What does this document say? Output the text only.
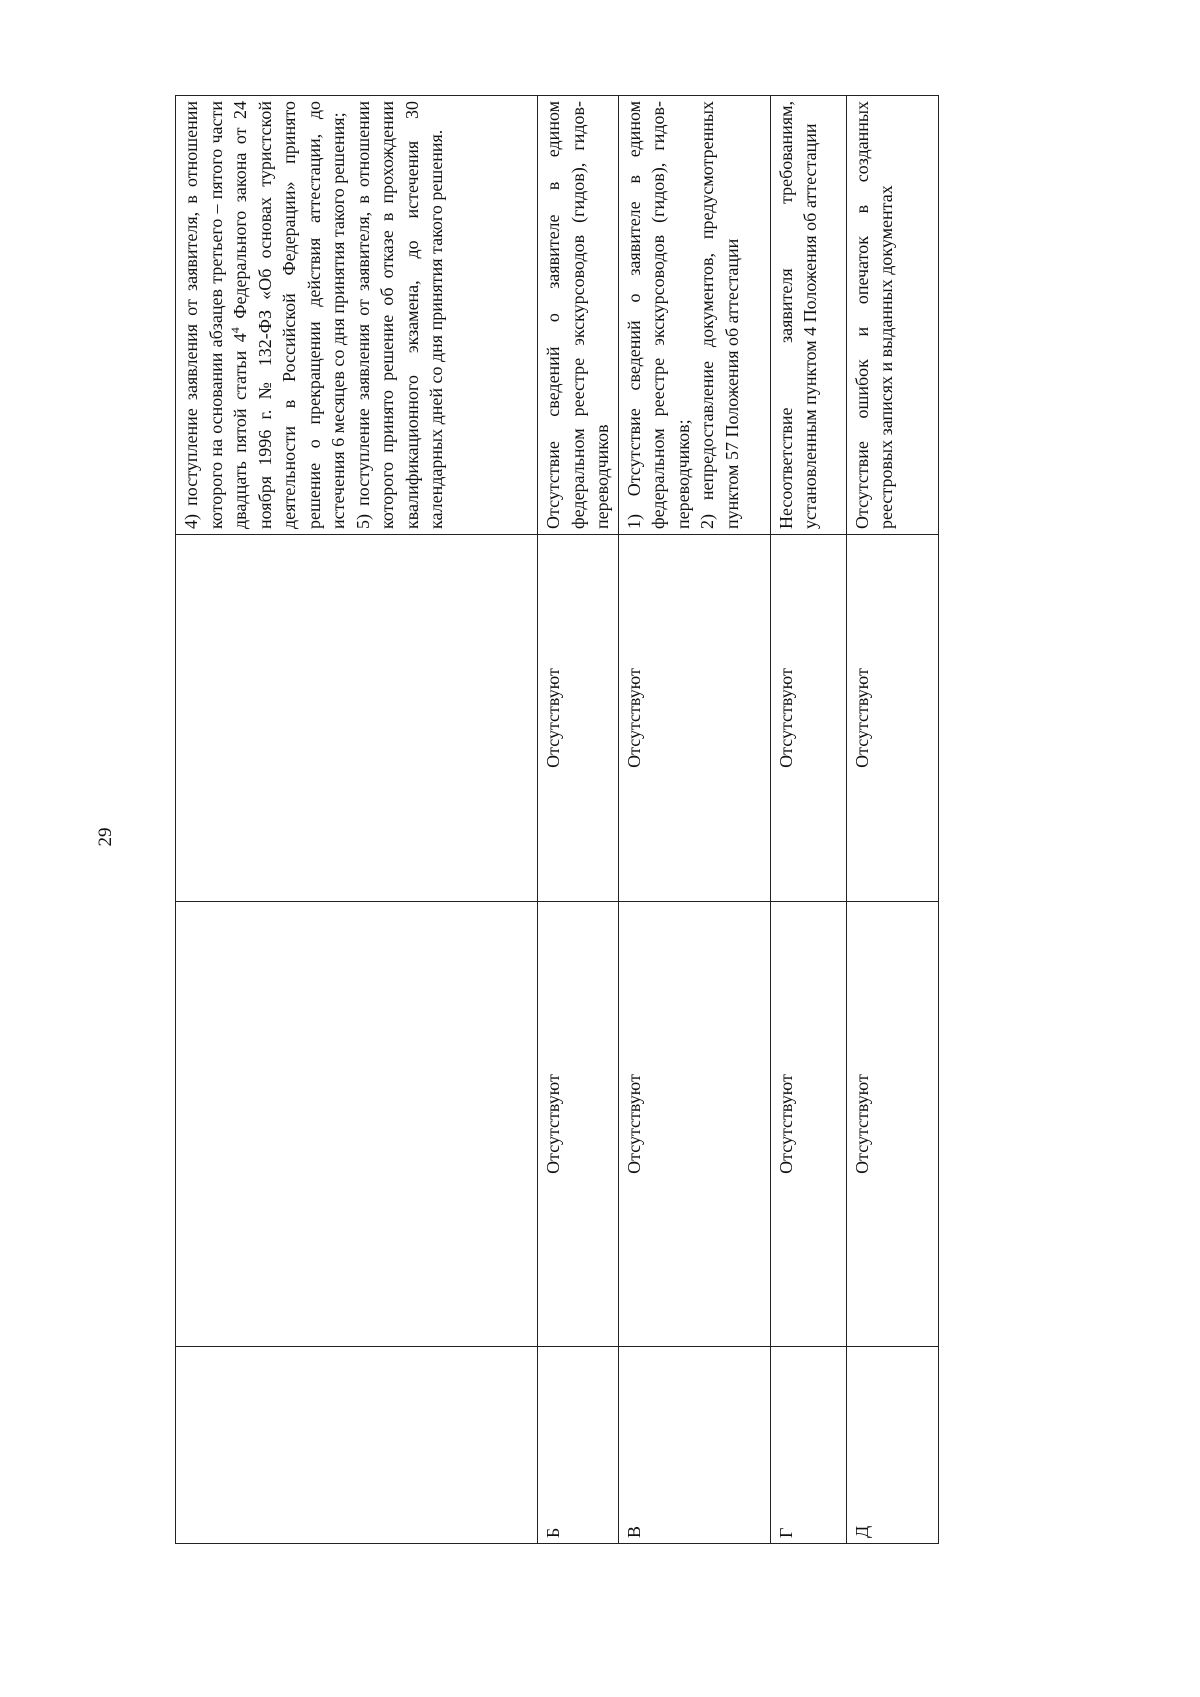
29

			4) поступление заявления от заявителя, в отношении которого на основании абзацев третьего – пятого части двадцать пятой статьи $4^4$ Федерального закона от 24 ноября 1996 г. № 132-ФЗ «Об основах туристской деятельности в Российской Федерации» принято решение о прекращении действия аттестации, до истечения 6 месяцев со дня принятия такого решения; 5) поступление заявления от заявителя, в отношении которого принято решение об отказе в прохождении квалификационного экзамена, до истечения 30 календарных дней со дня принятия такого решения.

Б	Отсутствуют	Отсутствуют	Отсутствие сведений о заявителе в едином федеральном реестре экскурсоводов (гидов), гидов-переводчиков
В	Отсутствуют	Отсутствуют	1) Отсутствие сведений о заявителе в едином федеральном реестре экскурсоводов (гидов), гидов-переводчиков; 2) непредоставление документов, предусмотренных пунктом 57 Положения об аттестации

Г	Отсутствуют	Отсутствуют	Несоответствие заявителя требованиям, установленным пунктом 4 Положения об аттестации
Д	Отсутствуют	Отсутствуют	Отсутствие ошибок и опечаток в созданных реестровых записях и выданных документах
